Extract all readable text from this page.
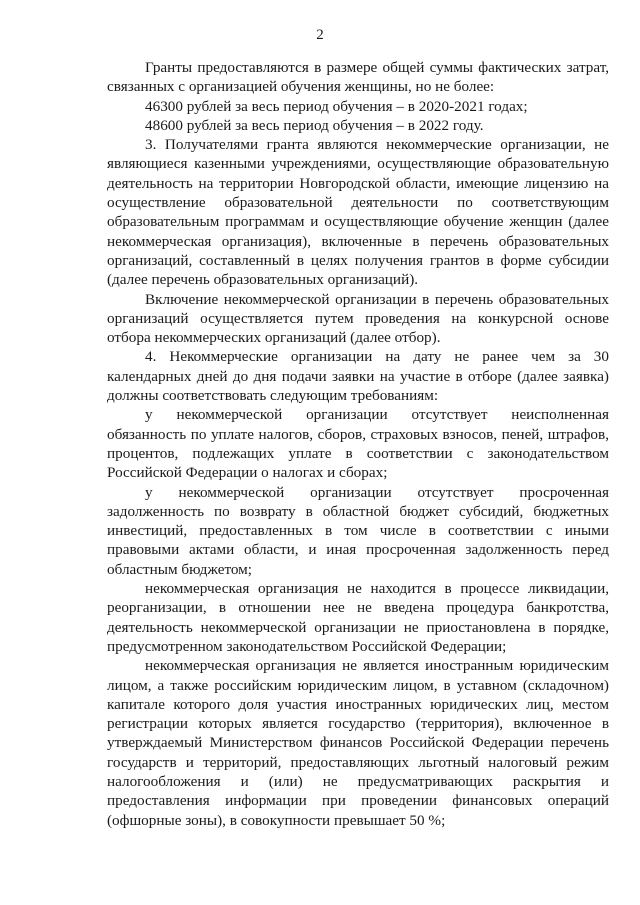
2

Гранты предоставляются в размере общей суммы фактических затрат, связанных с организацией обучения женщины, но не более:

46300 рублей за весь период обучения – в 2020-2021 годах;

48600 рублей за весь период обучения – в 2022 году.

3. Получателями гранта являются некоммерческие организации, не являющиеся казенными учреждениями, осуществляющие образовательную деятельность на территории Новгородской области, имеющие лицензию на осуществление образовательной деятельности по соответствующим образовательным программам и осуществляющие обучение женщин (далее некоммерческая организация), включенные в перечень образовательных организаций, составленный в целях получения грантов в форме субсидии (далее перечень образовательных организаций).

Включение некоммерческой организации в перечень образовательных организаций осуществляется путем проведения на конкурсной основе отбора некоммерческих организаций (далее отбор).

4. Некоммерческие организации на дату не ранее чем за 30 календарных дней до дня подачи заявки на участие в отборе (далее заявка) должны соответствовать следующим требованиям:

у некоммерческой организации отсутствует неисполненная обязанность по уплате налогов, сборов, страховых взносов, пеней, штрафов, процентов, подлежащих уплате в соответствии с законодательством Российской Федерации о налогах и сборах;

у некоммерческой организации отсутствует просроченная задолженность по возврату в областной бюджет субсидий, бюджетных инвестиций, предоставленных в том числе в соответствии с иными правовыми актами области, и иная просроченная задолженность перед областным бюджетом;

некоммерческая организация не находится в процессе ликвидации, реорганизации, в отношении нее не введена процедура банкротства, деятельность некоммерческой организации не приостановлена в порядке, предусмотренном законодательством Российской Федерации;

некоммерческая организация не является иностранным юридическим лицом, а также российским юридическим лицом, в уставном (складочном) капитале которого доля участия иностранных юридических лиц, местом регистрации которых является государство (территория), включенное в утверждаемый Министерством финансов Российской Федерации перечень государств и территорий, предоставляющих льготный налоговый режим налогообложения и (или) не предусматривающих раскрытия и предоставления информации при проведении финансовых операций (офшорные зоны), в совокупности превышает 50 %;
